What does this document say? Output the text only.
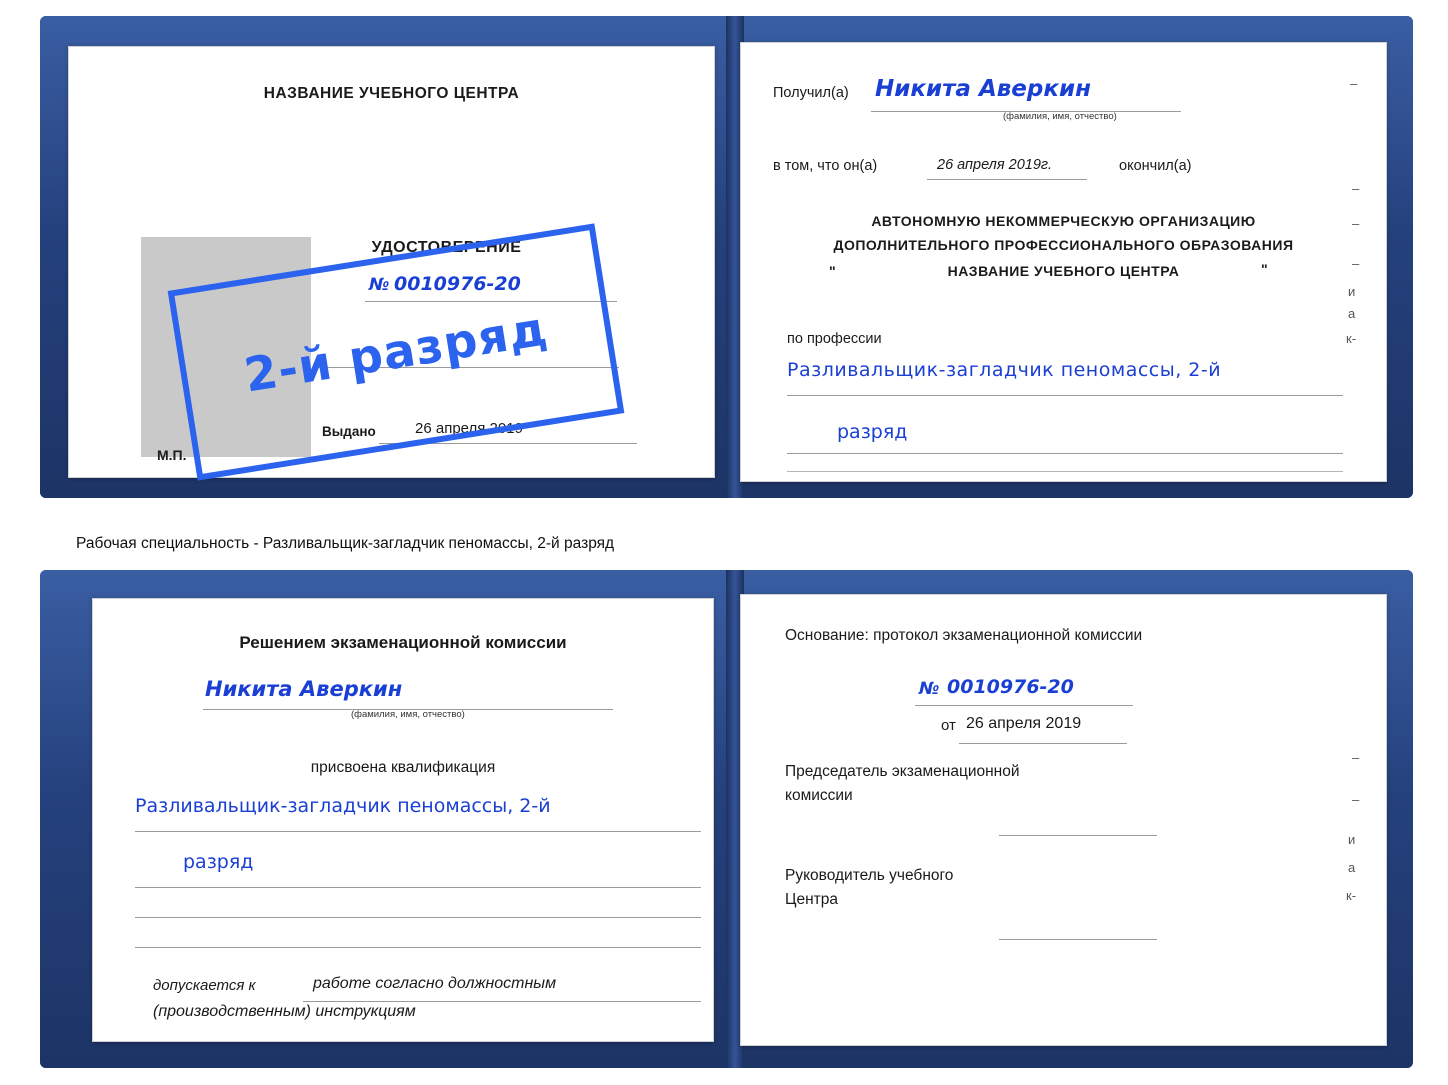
НАЗВАНИЕ УЧЕБНОГО ЦЕНТРА
УДОСТОВЕРЕНИЕ
№ 0010976-20
Выдано	26 апреля 2019
М.П.
Получил(а) Никита Аверкин
(фамилия, имя, отчество)
в том, что он(а)	26 апреля 2019г.	окончил(а)
АВТОНОМНУЮ НЕКОММЕРЧЕСКУЮ ОРГАНИЗАЦИЮ
ДОПОЛНИТЕЛЬНОГО ПРОФЕССИОНАЛЬНОГО ОБРАЗОВАНИЯ
"	НАЗВАНИЕ УЧЕБНОГО ЦЕНТРА	"
по профессии
Разливальщик-загладчик пеномассы, 2-й
разряд
–
–
–
–
и
а
к-
2-й разряд
Рабочая специальность - Разливальщик-загладчик пеномассы, 2-й разряд
Решением экзаменационной комиссии
Никита Аверкин
(фамилия, имя, отчество)
присвоена квалификация
Разливальщик-загладчик пеномассы, 2-й
разряд
допускается к	работе согласно должностным
(производственным) инструкциям
Основание: протокол экзаменационной комиссии
№ 0010976-20
от 26 апреля 2019
Председатель экзаменационной
комиссии
Руководитель учебного
Центра
–
–
и
а
к-
